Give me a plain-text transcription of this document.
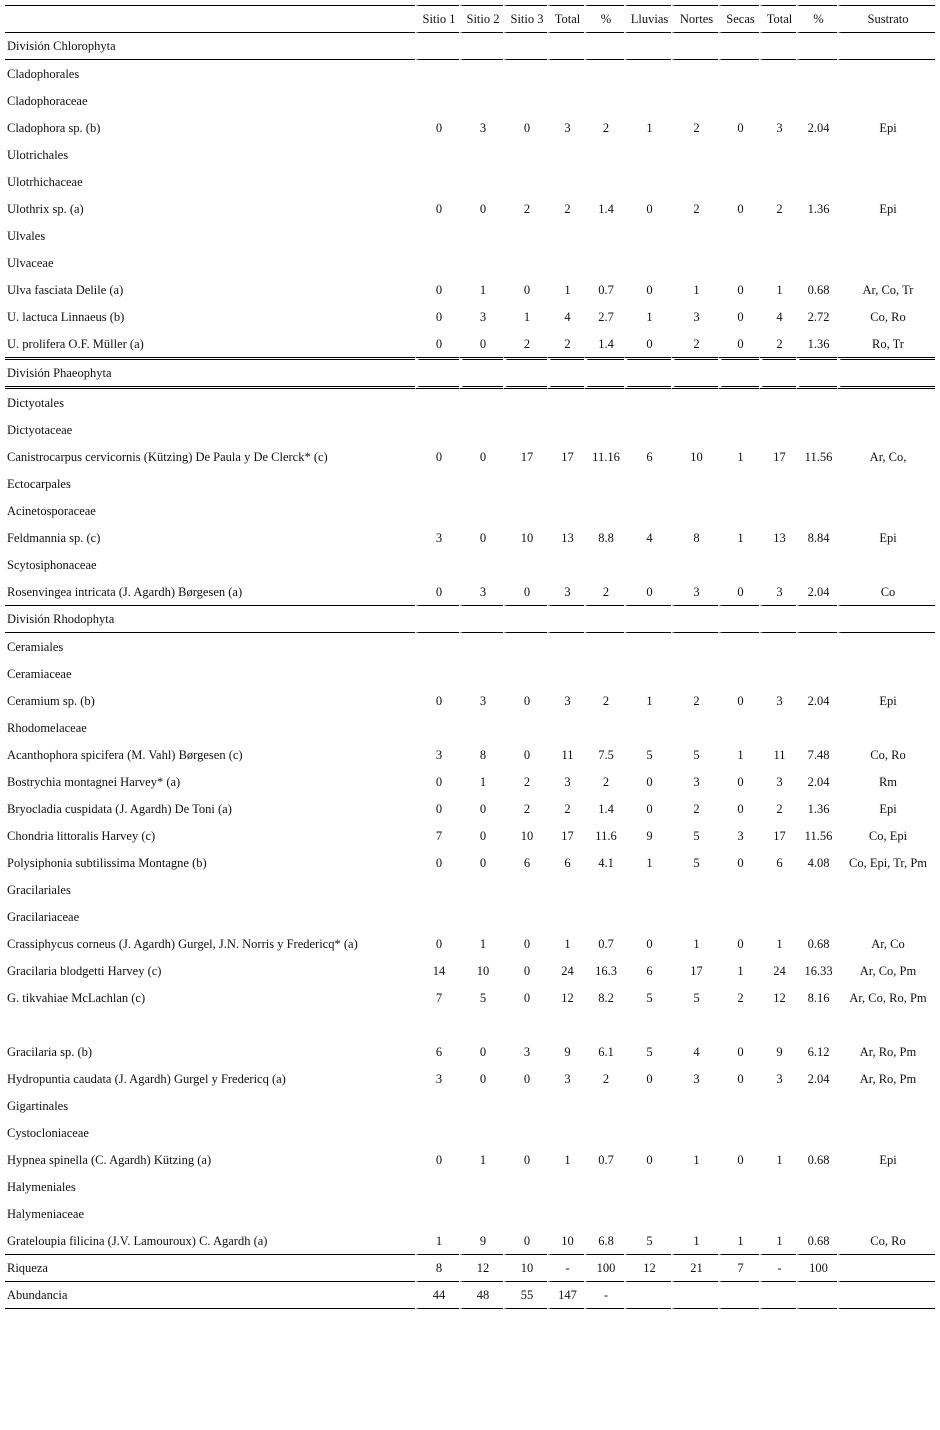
	Sitio 1	Sitio 2	Sitio 3	Total	%	Lluvias	Nortes	Secas	Total	%	Sustrato
División Chlorophyta											
Cladophorales											
Cladophoraceae											
Cladophora sp. (b)	0	3	0	3	2	1	2	0	3	2.04	Epi
Ulotrichales											
Ulotrhichaceae											
Ulothrix sp. (a)	0	0	2	2	1.4	0	2	0	2	1.36	Epi
Ulvales											
Ulvaceae											
Ulva fasciata Delile (a)	0	1	0	1	0.7	0	1	0	1	0.68	Ar, Co, Tr
U. lactuca Linnaeus (b)	0	3	1	4	2.7	1	3	0	4	2.72	Co, Ro
U. prolifera O.F. Müller (a)	0	0	2	2	1.4	0	2	0	2	1.36	Ro, Tr
División Phaeophyta											
Dictyotales											
Dictyotaceae											
Canistrocarpus cervicornis (Kützing) De Paula y De Clerck* (c)	0	0	17	17	11.16	6	10	1	17	11.56	Ar, Co,
Ectocarpales											
Acinetosporaceae											
Feldmannia sp. (c)	3	0	10	13	8.8	4	8	1	13	8.84	Epi
Scytosiphonaceae											
Rosenvingea intricata (J. Agardh) Børgesen (a)	0	3	0	3	2	0	3	0	3	2.04	Co
División Rhodophyta											
Ceramiales											
Ceramiaceae											
Ceramium sp. (b)	0	3	0	3	2	1	2	0	3	2.04	Epi
Rhodomelaceae											
Acanthophora spicifera (M. Vahl) Børgesen (c)	3	8	0	11	7.5	5	5	1	11	7.48	Co, Ro
Bostrychia montagnei Harvey* (a)	0	1	2	3	2	0	3	0	3	2.04	Rm
Bryocladia cuspidata (J. Agardh) De Toni (a)	0	0	2	2	1.4	0	2	0	2	1.36	Epi
Chondria littoralis Harvey (c)	7	0	10	17	11.6	9	5	3	17	11.56	Co, Epi
Polysiphonia subtilissima Montagne (b)	0	0	6	6	4.1	1	5	0	6	4.08	Co, Epi, Tr, Pm
Gracilariales											
Gracilariaceae											
Crassiphycus corneus (J. Agardh) Gurgel, J.N. Norris y Fredericq* (a)	0	1	0	1	0.7	0	1	0	1	0.68	Ar, Co
Gracilaria blodgetti Harvey (c)	14	10	0	24	16.3	6	17	1	24	16.33	Ar, Co, Pm
G. tikvahiae McLachlan (c)	7	5	0	12	8.2	5	5	2	12	8.16	Ar, Co, Ro, Pm

Gracilaria sp. (b)	6	0	3	9	6.1	5	4	0	9	6.12	Ar, Ro, Pm
Hydropuntia caudata (J. Agardh) Gurgel y Fredericq (a)	3	0	0	3	2	0	3	0	3	2.04	Ar, Ro, Pm
Gigartinales											
Cystocloniaceae											
Hypnea spinella (C. Agardh) Kützing (a)	0	1	0	1	0.7	0	1	0	1	0.68	Epi
Halymeniales											
Halymeniaceae											
Grateloupia filicina (J.V. Lamouroux) C. Agardh (a)	1	9	0	10	6.8	5	1	1	1	0.68	Co, Ro
Riqueza	8	12	10	-	100	12	21	7	-	100	
Abundancia	44	48	55	147	-						
